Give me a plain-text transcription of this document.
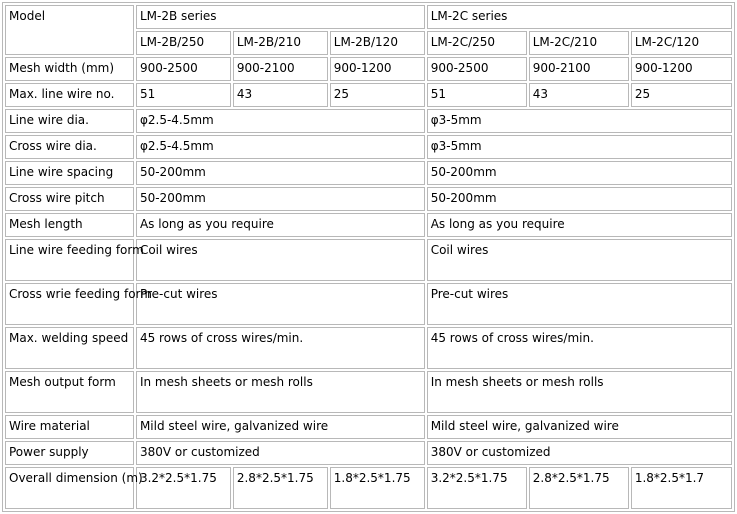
Model	LM-2B series			LM-2C series		
	LM-2B/250	LM-2B/210	LM-2B/120	LM-2C/250	LM-2C/210	LM-2C/120
Mesh width (mm)	900-2500	900-2100	900-1200	900-2500	900-2100	900-1200
Max. line wire no.	51	43	25	51	43	25
Line wire dia.	φ2.5-4.5mm			φ3-5mm		
Cross wire dia.	φ2.5-4.5mm			φ3-5mm		
Line wire spacing	50-200mm			50-200mm		
Cross wire pitch	50-200mm			50-200mm		
Mesh length	As long as you require			As long as you require		
Line wire feeding form	Coil wires			Coil wires		
Cross wrie feeding form	Pre-cut wires			Pre-cut wires		
Max. welding speed	45 rows of cross wires/min.			45 rows of cross wires/min.		
Mesh output form	In mesh sheets or mesh rolls			In mesh sheets or mesh rolls		
Wire material	Mild steel wire, galvanized wire			Mild steel wire, galvanized wire		
Power supply	380V or customized			380V or customized		
Overall dimension (m)	3.2*2.5*1.75	2.8*2.5*1.75	1.8*2.5*1.75	3.2*2.5*1.75	2.8*2.5*1.75	1.8*2.5*1.7
